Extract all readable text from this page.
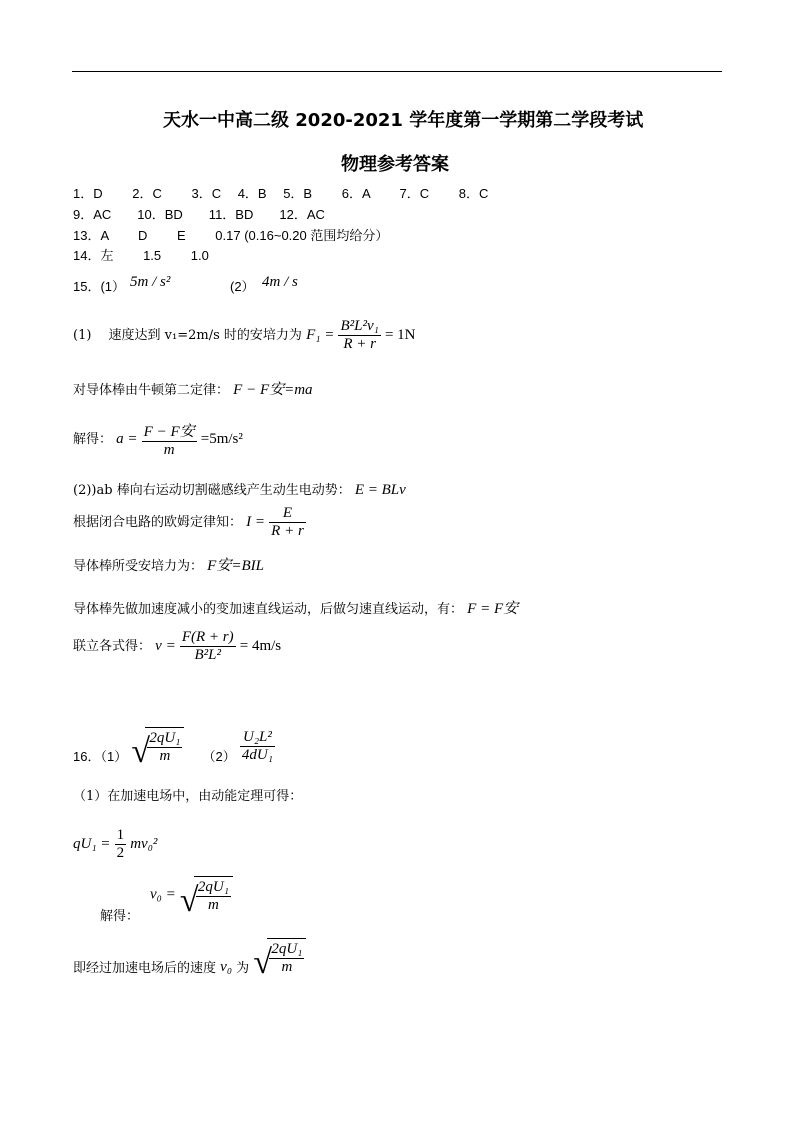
天水一中高二级 2020-2021 学年度第一学期第二学段考试
物理参考答案
1．D　　 2．C　　 3．C　 4．B　 5．B　　 6．A　　 7．C　　 8．C
9．AC　　10．BD　　11．BD　　12．AC
13．A　　 D　　 E　　 0.17 (0.16~0.20 范围均给分）
14．左　　 1.5　　 1.0
15．(1） 5m / s²	(2） 4m / s
(1)　 速度达到 v₁=2m/s 时的安培力为 $F_1 = \frac{\text{B²L²v₁}}{R + r} = 1N$
对导体棒由牛顿第二定律： F − F安=ma
解得： $a = \frac{\text{F − F安}}{m} =5m/s^2$
(2))ab 棒向右运动切割磁感线产生动生电动势： E = BLv
根据闭合电路的欧姆定律知： $I = \frac{E}{R + r}$
导体棒所受安培力为： F安=BIL
导体棒先做加速度减小的变加速直线运动，后做匀速直线运动，有： F = F安
联立各式得： $v = \frac{F(R + r)}{\text{B²L²}} = 4m/s$
16．（1） √
$\frac{\text{2qU₁}}{m} (2) \frac{\text{U₂L²}}{\text{4dU₁}}$
（1）在加速电场中，由动能定理可得：
$qU_1 = \frac{1}{2} mv_0^2$
解得：
v₀ = √
$\frac{\text{2qU₁}}{m}$
即经过加速电场后的速度 v₀ 为 √
$\frac{\text{2qU₁}}{m}$
